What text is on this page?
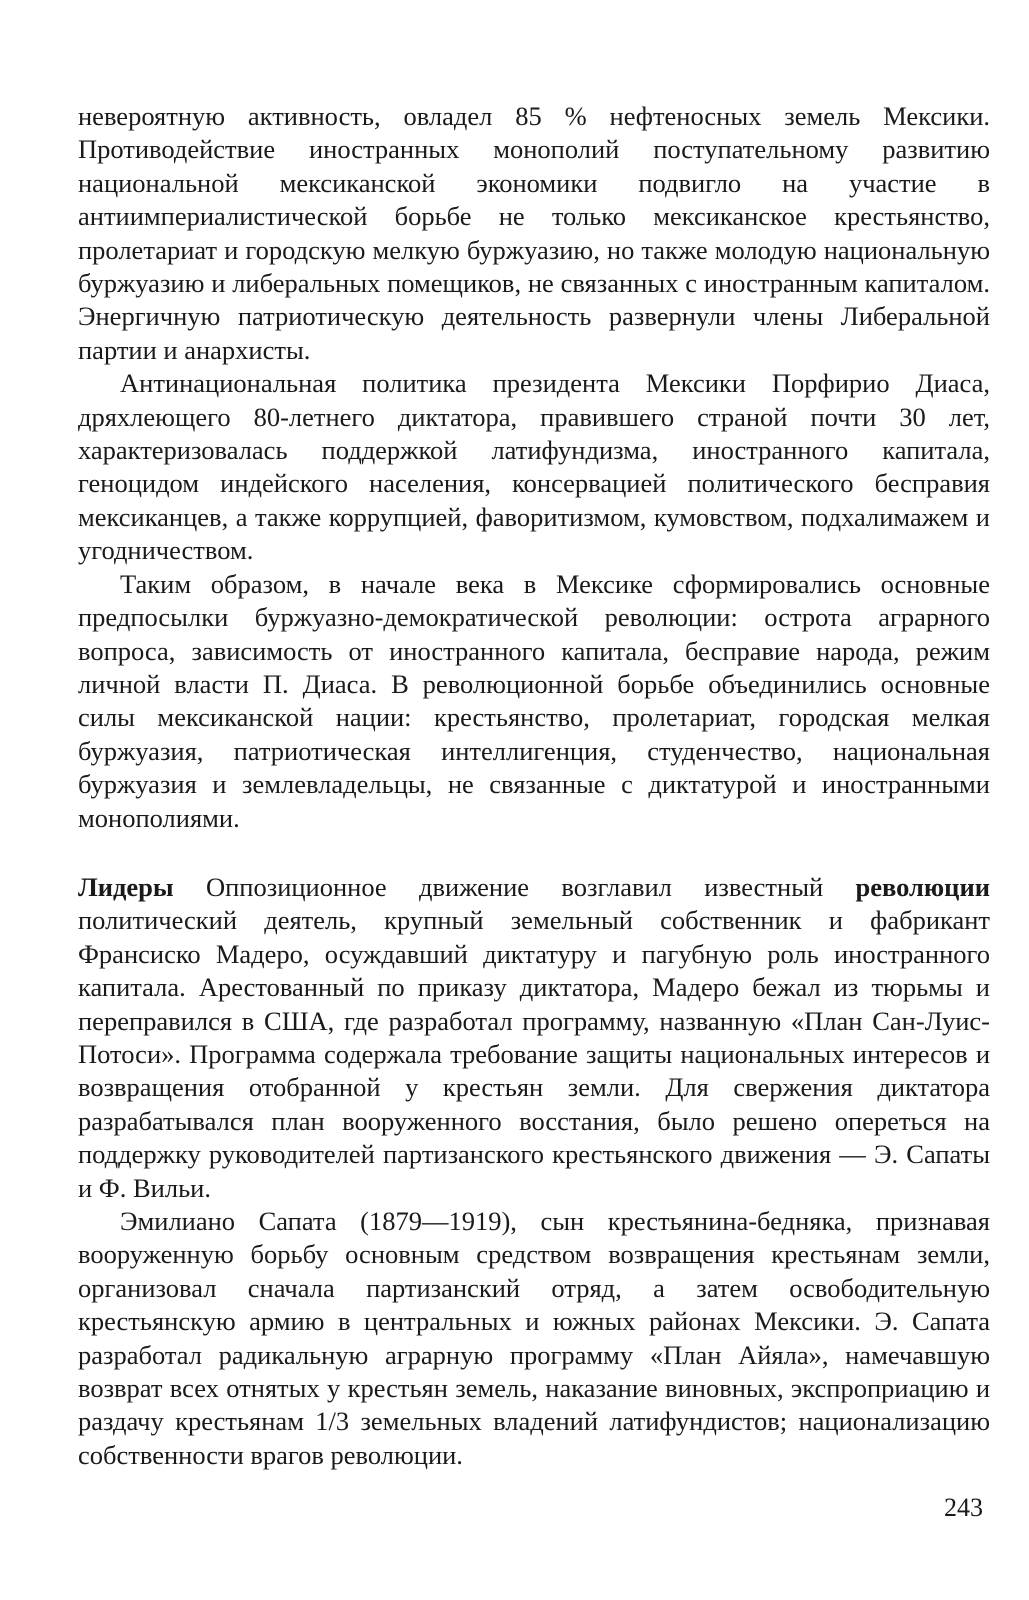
невероятную активность, овладел 85 % нефтеносных земель Мексики. Противодействие иностранных монополий поступательному развитию национальной мексиканской экономики подвигло на участие в антиимпериалистической борьбе не только мексиканское крестьянство, пролетариат и городскую мелкую буржуазию, но также молодую национальную буржуазию и либеральных помещиков, не связанных с иностранным капиталом. Энергичную патриотическую деятельность развернули члены Либеральной партии и анархисты.

Антинациональная политика президента Мексики Порфирио Диаса, дряхлеющего 80-летнего диктатора, правившего страной почти 30 лет, характеризовалась поддержкой латифундизма, иностранного капитала, геноцидом индейского населения, консервацией политического бесправия мексиканцев, а также коррупцией, фаворитизмом, кумовством, подхалимажем и угодничеством.

Таким образом, в начале века в Мексике сформировались основные предпосылки буржуазно-демократической революции: острота аграрного вопроса, зависимость от иностранного капитала, бесправие народа, режим личной власти П. Диаса. В революционной борьбе объединились основные силы мексиканской нации: крестьянство, пролетариат, городская мелкая буржуазия, патриотическая интеллигенция, студенчество, национальная буржуазия и землевладельцы, не связанные с диктатурой и иностранными монополиями.

Лидеры Оппозиционное движение возглавил известный революции политический деятель, крупный земельный собственник и фабрикант Франсиско Мадеро, осуждавший диктатуру и пагубную роль иностранного капитала. Арестованный по приказу диктатора, Мадеро бежал из тюрьмы и переправился в США, где разработал программу, названную «План Сан-Луис-Потоси». Программа содержала требование защиты национальных интересов и возвращения отобранной у крестьян земли. Для свержения диктатора разрабатывался план вооруженного восстания, было решено опереться на поддержку руководителей партизанского крестьянского движения — Э. Сапаты и Ф. Вильи.

Эмилиано Сапата (1879—1919), сын крестьянина-бедняка, признавая вооруженную борьбу основным средством возвращения крестьянам земли, организовал сначала партизанский отряд, а затем освободительную крестьянскую армию в центральных и южных районах Мексики. Э. Сапата разработал радикальную аграрную программу «План Айяла», намечавшую возврат всех отнятых у крестьян земель, наказание виновных, экспроприацию и раздачу крестьянам 1/3 земельных владений латифундистов; национализацию собственности врагов революции.

243
